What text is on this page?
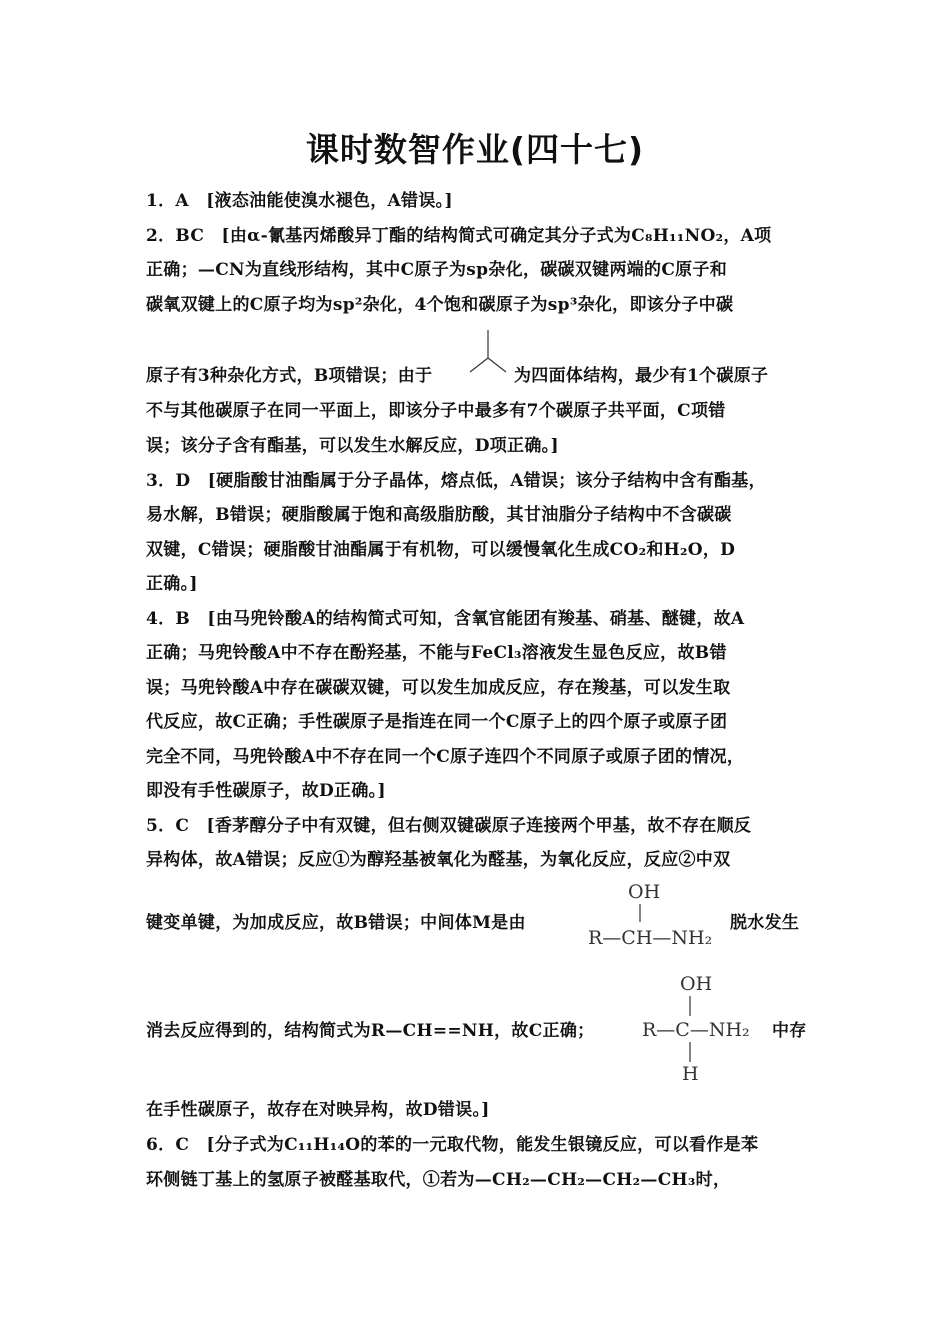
课时数智作业(四十七)
1．A　[液态油能使溴水褪色，A错误。]
2．BC　[由α-氰基丙烯酸异丁酯的结构简式可确定其分子式为C₈H₁₁NO₂，A项
正确；—CN为直线形结构，其中C原子为sp杂化，碳碳双键两端的C原子和
碳氧双键上的C原子均为sp²杂化，4个饱和碳原子为sp³杂化，即该分子中碳
原子有3种杂化方式，B项错误；由于	为四面体结构，最少有1个碳原子
不与其他碳原子在同一平面上，即该分子中最多有7个碳原子共平面，C项错
误；该分子含有酯基，可以发生水解反应，D项正确。]
3．D　[硬脂酸甘油酯属于分子晶体，熔点低，A错误；该分子结构中含有酯基，
易水解，B错误；硬脂酸属于饱和高级脂肪酸，其甘油脂分子结构中不含碳碳
双键，C错误；硬脂酸甘油酯属于有机物，可以缓慢氧化生成CO₂和H₂O，D
正确。]
4．B　[由马兜铃酸A的结构简式可知，含氧官能团有羧基、硝基、醚键，故A
正确；马兜铃酸A中不存在酚羟基，不能与FeCl₃溶液发生显色反应，故B错
误；马兜铃酸A中存在碳碳双键，可以发生加成反应，存在羧基，可以发生取
代反应，故C正确；手性碳原子是指连在同一个C原子上的四个原子或原子团
完全不同，马兜铃酸A中不存在同一个C原子连四个不同原子或原子团的情况，
即没有手性碳原子，故D正确。]
5．C　[香茅醇分子中有双键，但右侧双键碳原子连接两个甲基，故不存在顺反
异构体，故A错误；反应①为醇羟基被氧化为醛基，为氧化反应，反应②中双
键变单键，为加成反应，故B错误；中间体M是由
OH
R—CH—NH₂
脱水发生
消去反应得到的，结构简式为R—CH==NH，故C正确；
OH
R—C—NH₂
H
中存
在手性碳原子，故存在对映异构，故D错误。]
6．C　[分子式为C₁₁H₁₄O的苯的一元取代物，能发生银镜反应，可以看作是苯
环侧链丁基上的氢原子被醛基取代，①若为—CH₂—CH₂—CH₂—CH₃时，
